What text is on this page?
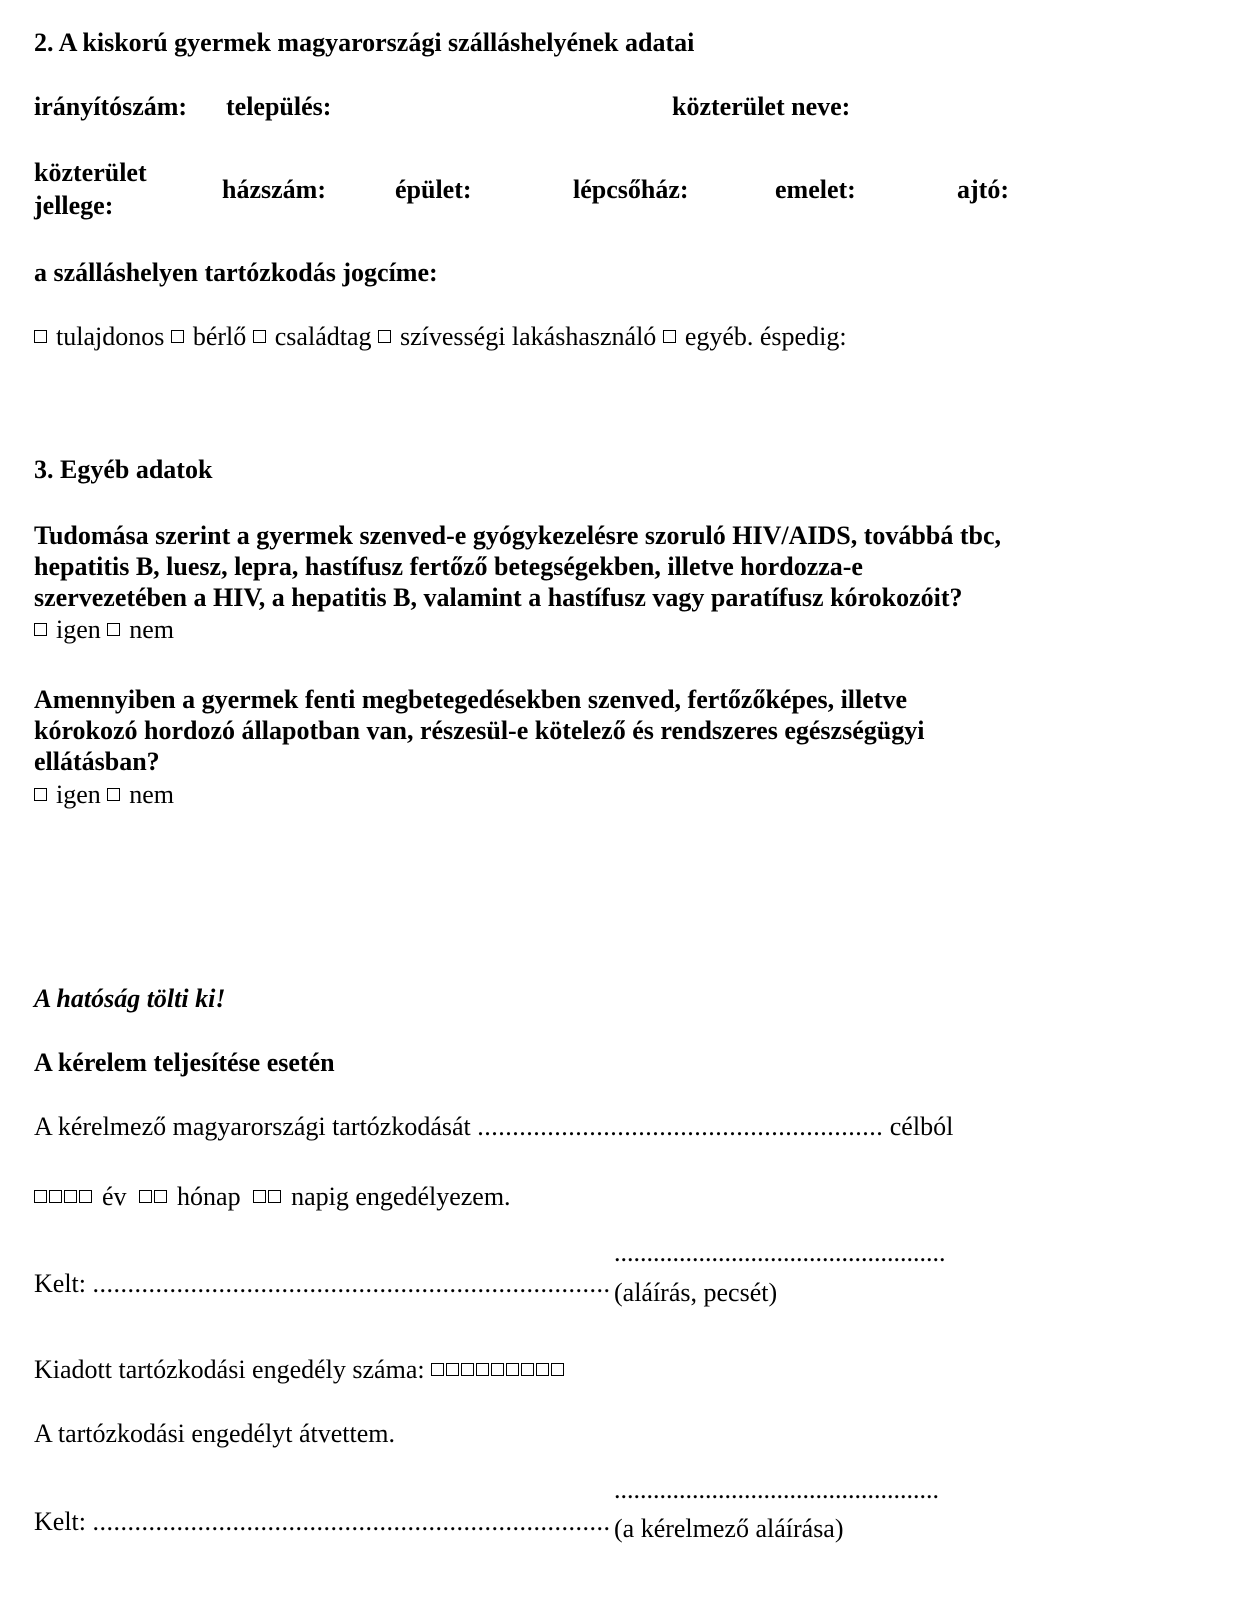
2. A kiskorú gyermek magyarországi szálláshelyének adatai
irányítószám: település:	közterület neve:
közterület
jellege:
házszám:	épület:	lépcsőház:	emelet:	ajtó:
a szálláshelyen tartózkodás jogcíme:
tulajdonos bérlő családtag szívességi lakáshasználó egyéb. éspedig:
3. Egyéb adatok
Tudomása szerint a gyermek szenved-e gyógykezelésre szoruló HIV/AIDS, továbbá tbc,
hepatitis B, luesz, lepra, hastífusz fertőző betegségekben, illetve hordozza-e
szervezetében a HIV, a hepatitis B, valamint a hastífusz vagy paratífusz kórokozóit?
igen nem
Amennyiben a gyermek fenti megbetegedésekben szenved, fertőzőképes, illetve
kórokozó hordozó állapotban van, részesül-e kötelező és rendszeres egészségügyi
ellátásban?
igen nem
A hatóság tölti ki!
A kérelem teljesítése esetén
A kérelmező magyarországi tartózkodását .......................................................... célból
év hónap napig engedélyezem.
Kelt: ..........................................................................
...................................................
(aláírás, pecsét)
Kiadott tartózkodási engedély száma:
A tartózkodási engedélyt átvettem.
Kelt: ..........................................................................
..................................................
(a kérelmező aláírása)
